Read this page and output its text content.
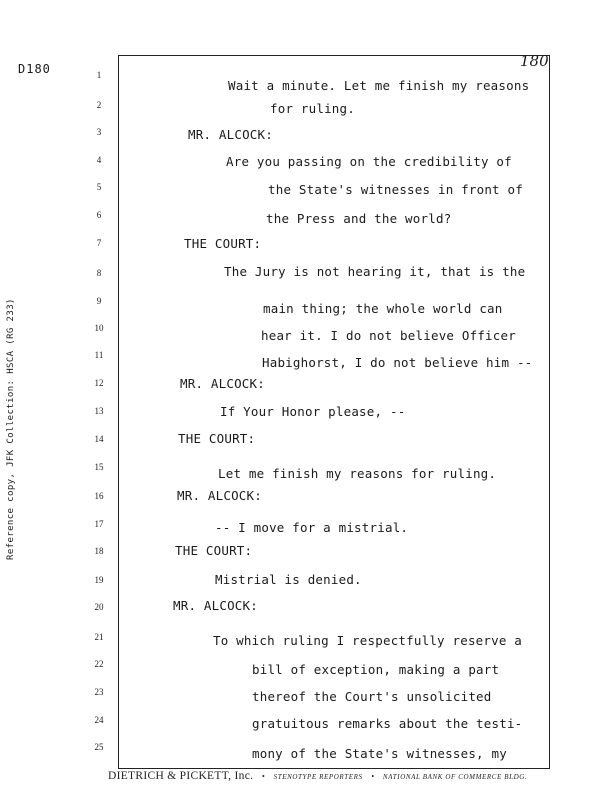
D180
Reference copy, JFK Collection: HSCA (RG 233)
180
1
2
3
4
5
6
7
8
9
10
11
12
13
14
15
16
17
18
19
20
21
22
23
24
25
Wait a minute. Let me finish my reasons
for ruling.
MR. ALCOCK:
Are you passing on the credibility of
the State's witnesses in front of
the Press and the world?
THE COURT:
The Jury is not hearing it, that is the
main thing; the whole world can
hear it. I do not believe Officer
Habighorst, I do not believe him --
MR. ALCOCK:
If Your Honor please, --
THE COURT:
Let me finish my reasons for ruling.
MR. ALCOCK:
-- I move for a mistrial.
THE COURT:
Mistrial is denied.
MR. ALCOCK:
To which ruling I respectfully reserve a
bill of exception, making a part
thereof the Court's unsolicited
gratuitous remarks about the testi-
mony of the State's witnesses, my
DIETRICH & PICKETT, Inc. • STENOTYPE REPORTERS • NATIONAL BANK OF COMMERCE BLDG.
